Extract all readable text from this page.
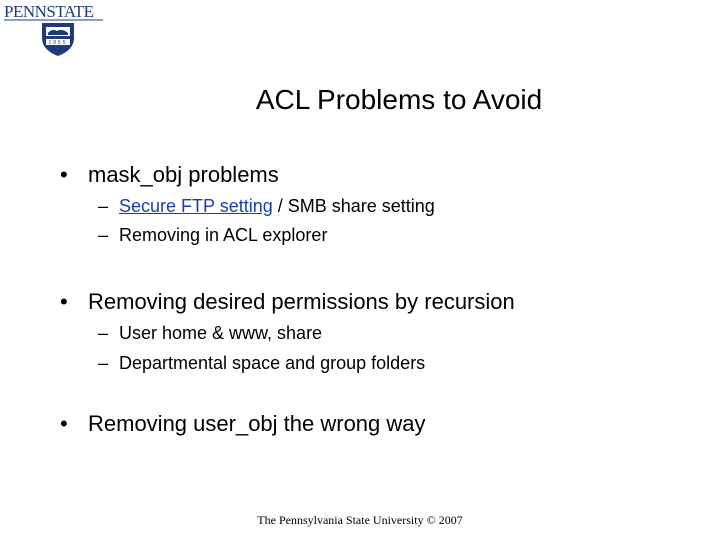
PENNSTATE
1855
ACL Problems to Avoid
• mask_obj problems
– Secure FTP setting / SMB share setting
– Removing in ACL explorer
• Removing desired permissions by recursion
– User home & www, share
– Departmental space and group folders
• Removing user_obj the wrong way
The Pennsylvania State University © 2007
